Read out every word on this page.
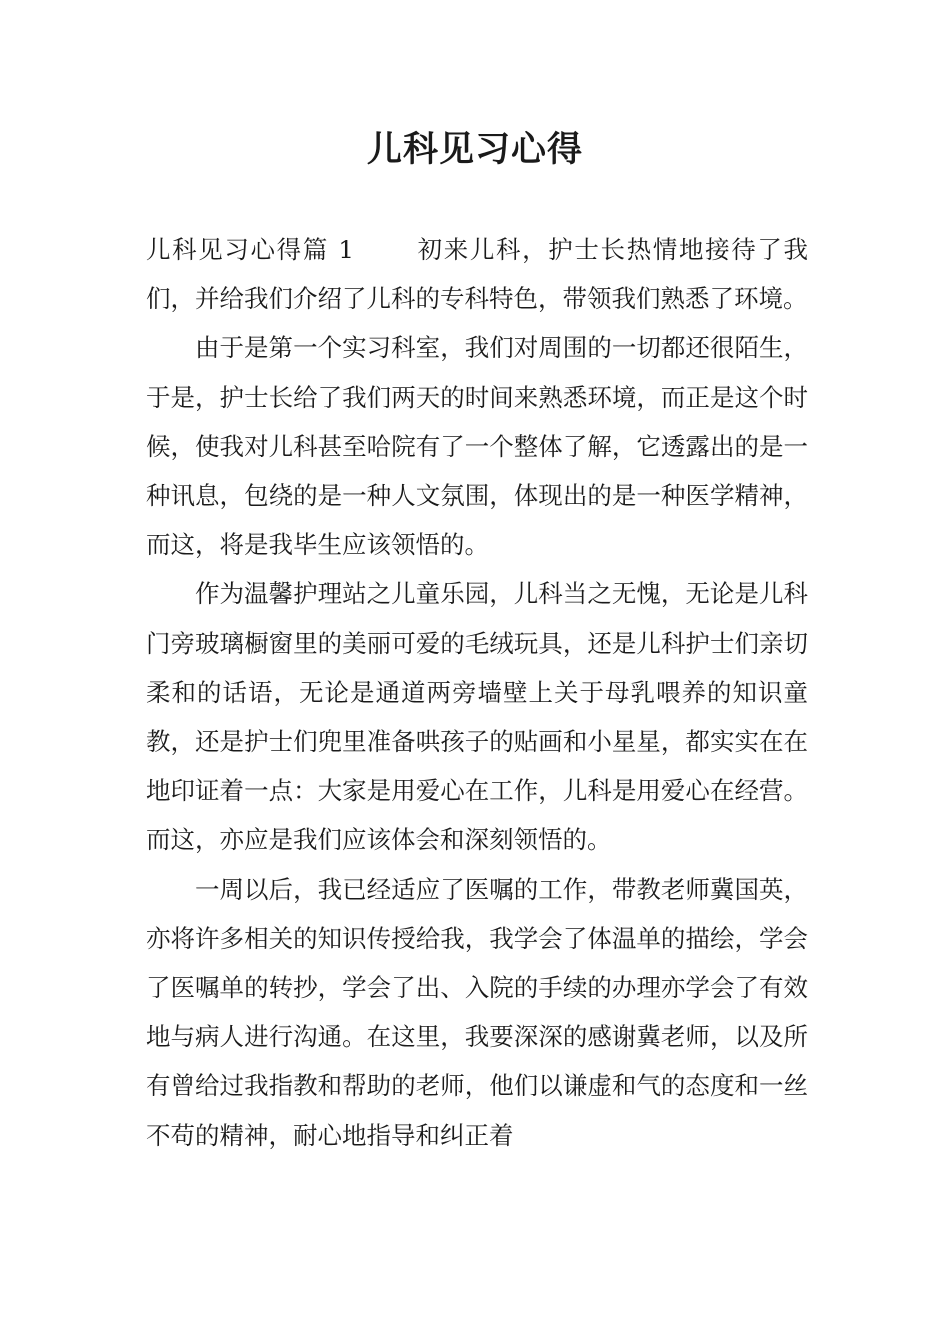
儿科见习心得

儿科见习心得篇 1	初来儿科，护士长热情地接待了我们，并给我们介绍了儿科的专科特色，带领我们熟悉了环境。

由于是第一个实习科室，我们对周围的一切都还很陌生，于是，护士长给了我们两天的时间来熟悉环境，而正是这个时候，使我对儿科甚至哈院有了一个整体了解，它透露出的是一种讯息，包绕的是一种人文氛围，体现出的是一种医学精神，而这，将是我毕生应该领悟的。

作为温馨护理站之儿童乐园，儿科当之无愧，无论是儿科门旁玻璃橱窗里的美丽可爱的毛绒玩具，还是儿科护士们亲切柔和的话语，无论是通道两旁墙壁上关于母乳喂养的知识童教，还是护士们兜里准备哄孩子的贴画和小星星，都实实在在地印证着一点：大家是用爱心在工作，儿科是用爱心在经营。而这，亦应是我们应该体会和深刻领悟的。

一周以后，我已经适应了医嘱的工作，带教老师冀国英，亦将许多相关的知识传授给我，我学会了体温单的描绘，学会了医嘱单的转抄，学会了出、入院的手续的办理亦学会了有效地与病人进行沟通。在这里，我要深深的感谢冀老师，以及所有曾给过我指教和帮助的老师，他们以谦虚和气的态度和一丝不苟的精神，耐心地指导和纠正着
